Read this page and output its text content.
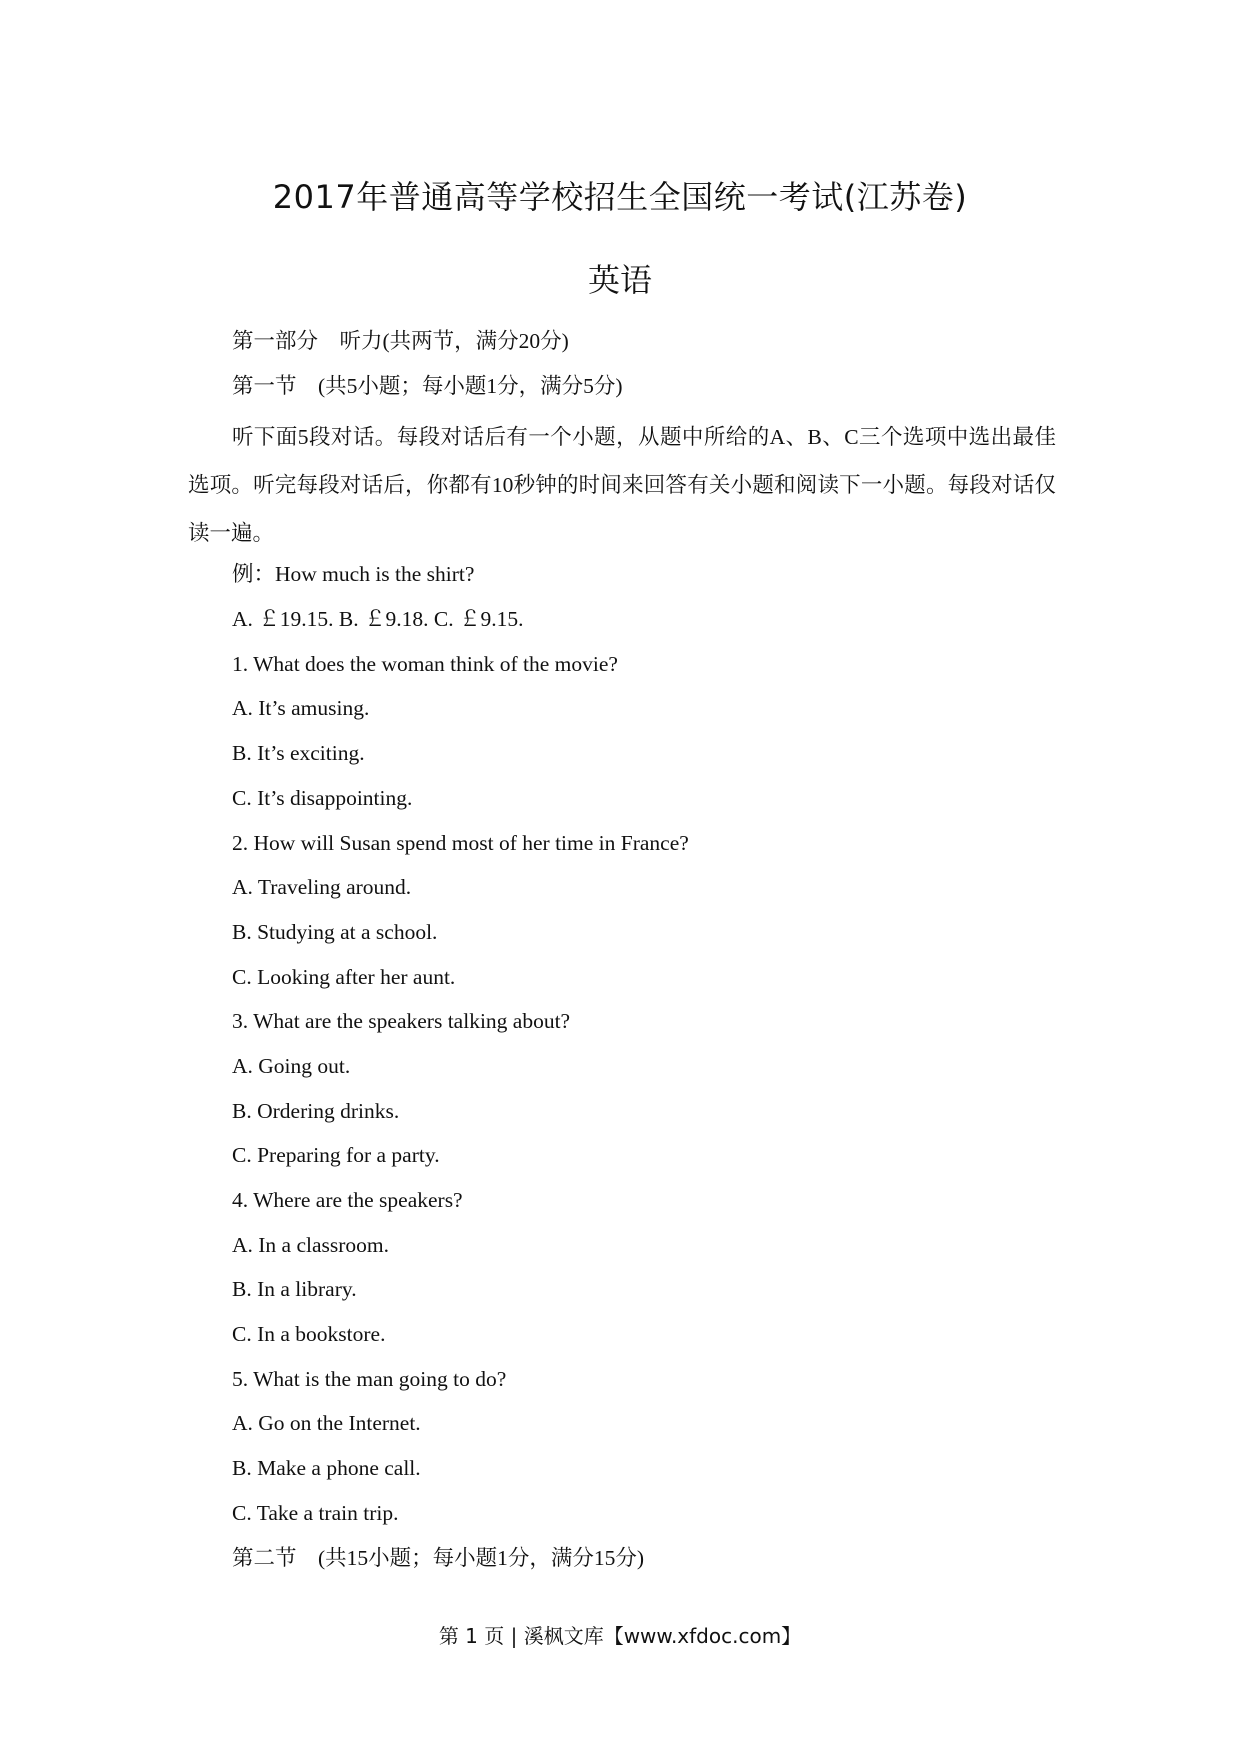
2017年普通高等学校招生全国统一考试(江苏卷)
英语

第一部分　听力(共两节，满分20分)

第一节　(共5小题；每小题1分，满分5分)

听下面5段对话。每段对话后有一个小题，从题中所给的A、B、C三个选项中选出最佳选项。听完每段对话后，你都有10秒钟的时间来回答有关小题和阅读下一小题。每段对话仅读一遍。

例：How much is the shirt?

A. ￡19.15. B. ￡9.18. C. ￡9.15.

1. What does the woman think of the movie?

A. It’s amusing.

B. It’s exciting.

C. It’s disappointing.

2. How will Susan spend most of her time in France?

A. Traveling around.

B. Studying at a school.

C. Looking after her aunt.

3. What are the speakers talking about?

A. Going out.

B. Ordering drinks.

C. Preparing for a party.

4. Where are the speakers?

A. In a classroom.

B. In a library.

C. In a bookstore.

5. What is the man going to do?

A. Go on the Internet.

B. Make a phone call.

C. Take a train trip.

第二节　(共15小题；每小题1分，满分15分)

第 1 页 | 溪枫文库【www.xfdoc.com】
